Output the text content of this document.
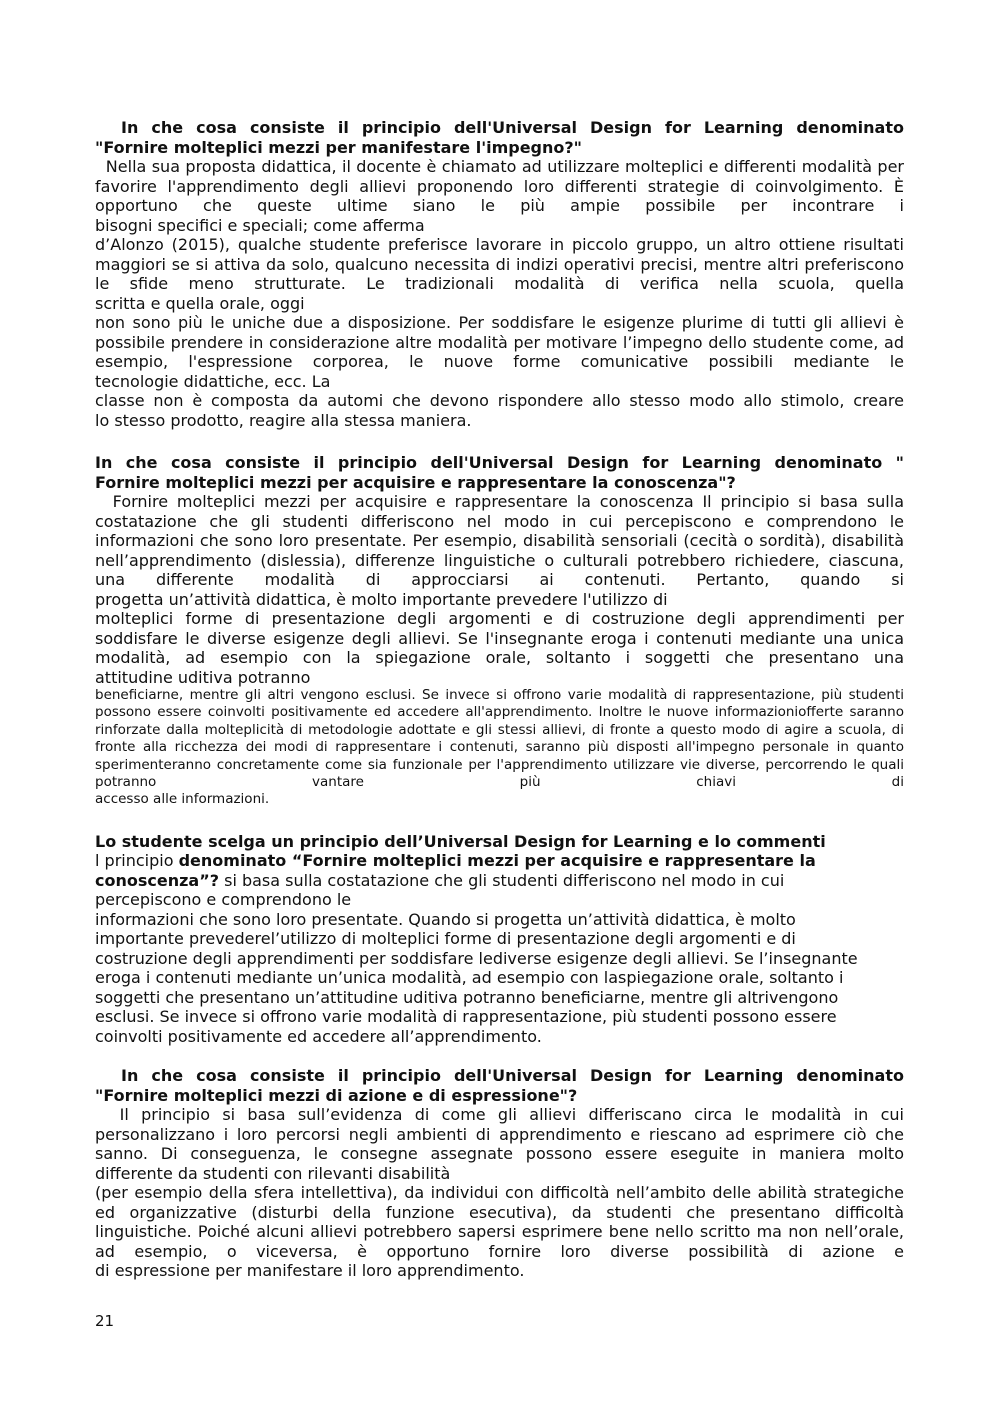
In che cosa consiste il principio dell'Universal Design for Learning denominato

"Fornire molteplici mezzi per manifestare l'impegno?"

Nella sua proposta didattica, il docente è chiamato ad utilizzare molteplici e differenti modalità per favorire l'apprendimento degli allievi proponendo loro differenti strategie di coinvolgimento. È opportuno che queste ultime siano le più ampie possibile per incontrare i

bisogni specifici e speciali; come afferma

d’Alonzo (2015), qualche studente preferisce lavorare in piccolo gruppo, un altro ottiene risultati maggiori se si attiva da solo, qualcuno necessita di indizi operativi precisi, mentre altri preferiscono le sfide meno strutturate. Le tradizionali modalità di verifica nella scuola, quella

scritta e quella orale, oggi

non sono più le uniche due a disposizione. Per soddisfare le esigenze plurime di tutti gli allievi è possibile prendere in considerazione altre modalità per motivare l’impegno dello studente come, ad esempio, l'espressione corporea, le nuove forme comunicative possibili mediante le

tecnologie didattiche, ecc. La

classe non è composta da automi che devono rispondere allo stesso modo allo stimolo, creare

lo stesso prodotto, reagire alla stessa maniera.

In che cosa consiste il principio dell'Universal Design for Learning denominato "

Fornire molteplici mezzi per acquisire e rappresentare la conoscenza"?

Fornire molteplici mezzi per acquisire e rappresentare la conoscenza Il principio si basa sulla costatazione che gli studenti differiscono nel modo in cui percepiscono e comprendono le informazioni che sono loro presentate. Per esempio, disabilità sensoriali (cecità o sordità), disabilità nell’apprendimento (dislessia), differenze linguistiche o culturali potrebbero richiedere, ciascuna, una differente modalità di approcciarsi ai contenuti. Pertanto, quando si

progetta un’attività didattica, è molto importante prevedere l'utilizzo di

molteplici forme di presentazione degli argomenti e di costruzione degli apprendimenti per soddisfare le diverse esigenze degli allievi. Se l'insegnante eroga i contenuti mediante una unica modalità, ad esempio con la spiegazione orale, soltanto i soggetti che presentano una

attitudine uditiva potranno

beneficiarne, mentre gli altri vengono esclusi. Se invece si offrono varie modalità di rappresentazione, più studenti possono essere coinvolti positivamente ed accedere all'apprendimento. Inoltre le nuove informazioniofferte saranno rinforzate dalla molteplicità di metodologie adottate e gli stessi allievi, di fronte a questo modo di agire a scuola, di fronte alla ricchezza dei modi di rappresentare i contenuti, saranno più disposti all'impegno personale in quanto sperimenteranno concretamente come sia funzionale per l'apprendimento utilizzare vie diverse, percorrendo le quali potranno vantare più chiavi di

accesso alle informazioni.

Lo studente scelga un principio dell’Universal Design for Learning e lo commenti

l principio denominato “Fornire molteplici mezzi per acquisire e rappresentare la

conoscenza”? si basa sulla costatazione che gli studenti differiscono nel modo in cui

percepiscono e comprendono le

informazioni che sono loro presentate. Quando si progetta un’attività didattica, è molto
importante prevederel’utilizzo di molteplici forme di presentazione degli argomenti e di
costruzione degli apprendimenti per soddisfare lediverse esigenze degli allievi. Se l’insegnante
eroga i contenuti mediante un’unica modalità, ad esempio con laspiegazione orale, soltanto i
soggetti che presentano un’attitudine uditiva potranno beneficiarne, mentre gli altrivengono
esclusi. Se invece si offrono varie modalità di rappresentazione, più studenti possono essere
coinvolti positivamente ed accedere all’apprendimento.

In che cosa consiste il principio dell'Universal Design for Learning denominato

"Fornire molteplici mezzi di azione e di espressione"?

Il principio si basa sull’evidenza di come gli allievi differiscano circa le modalità in cui personalizzano i loro percorsi negli ambienti di apprendimento e riescano ad esprimere ciò che sanno. Di conseguenza, le consegne assegnate possono essere eseguite in maniera molto

differente da studenti con rilevanti disabilità

(per esempio della sfera intellettiva), da individui con difficoltà nell’ambito delle abilità strategiche ed organizzative (disturbi della funzione esecutiva), da studenti che presentano difficoltà linguistiche. Poiché alcuni allievi potrebbero sapersi esprimere bene nello scritto ma non nell’orale, ad esempio, o viceversa, è opportuno fornire loro diverse possibilità di azione e

di espressione per manifestare il loro apprendimento.

21
